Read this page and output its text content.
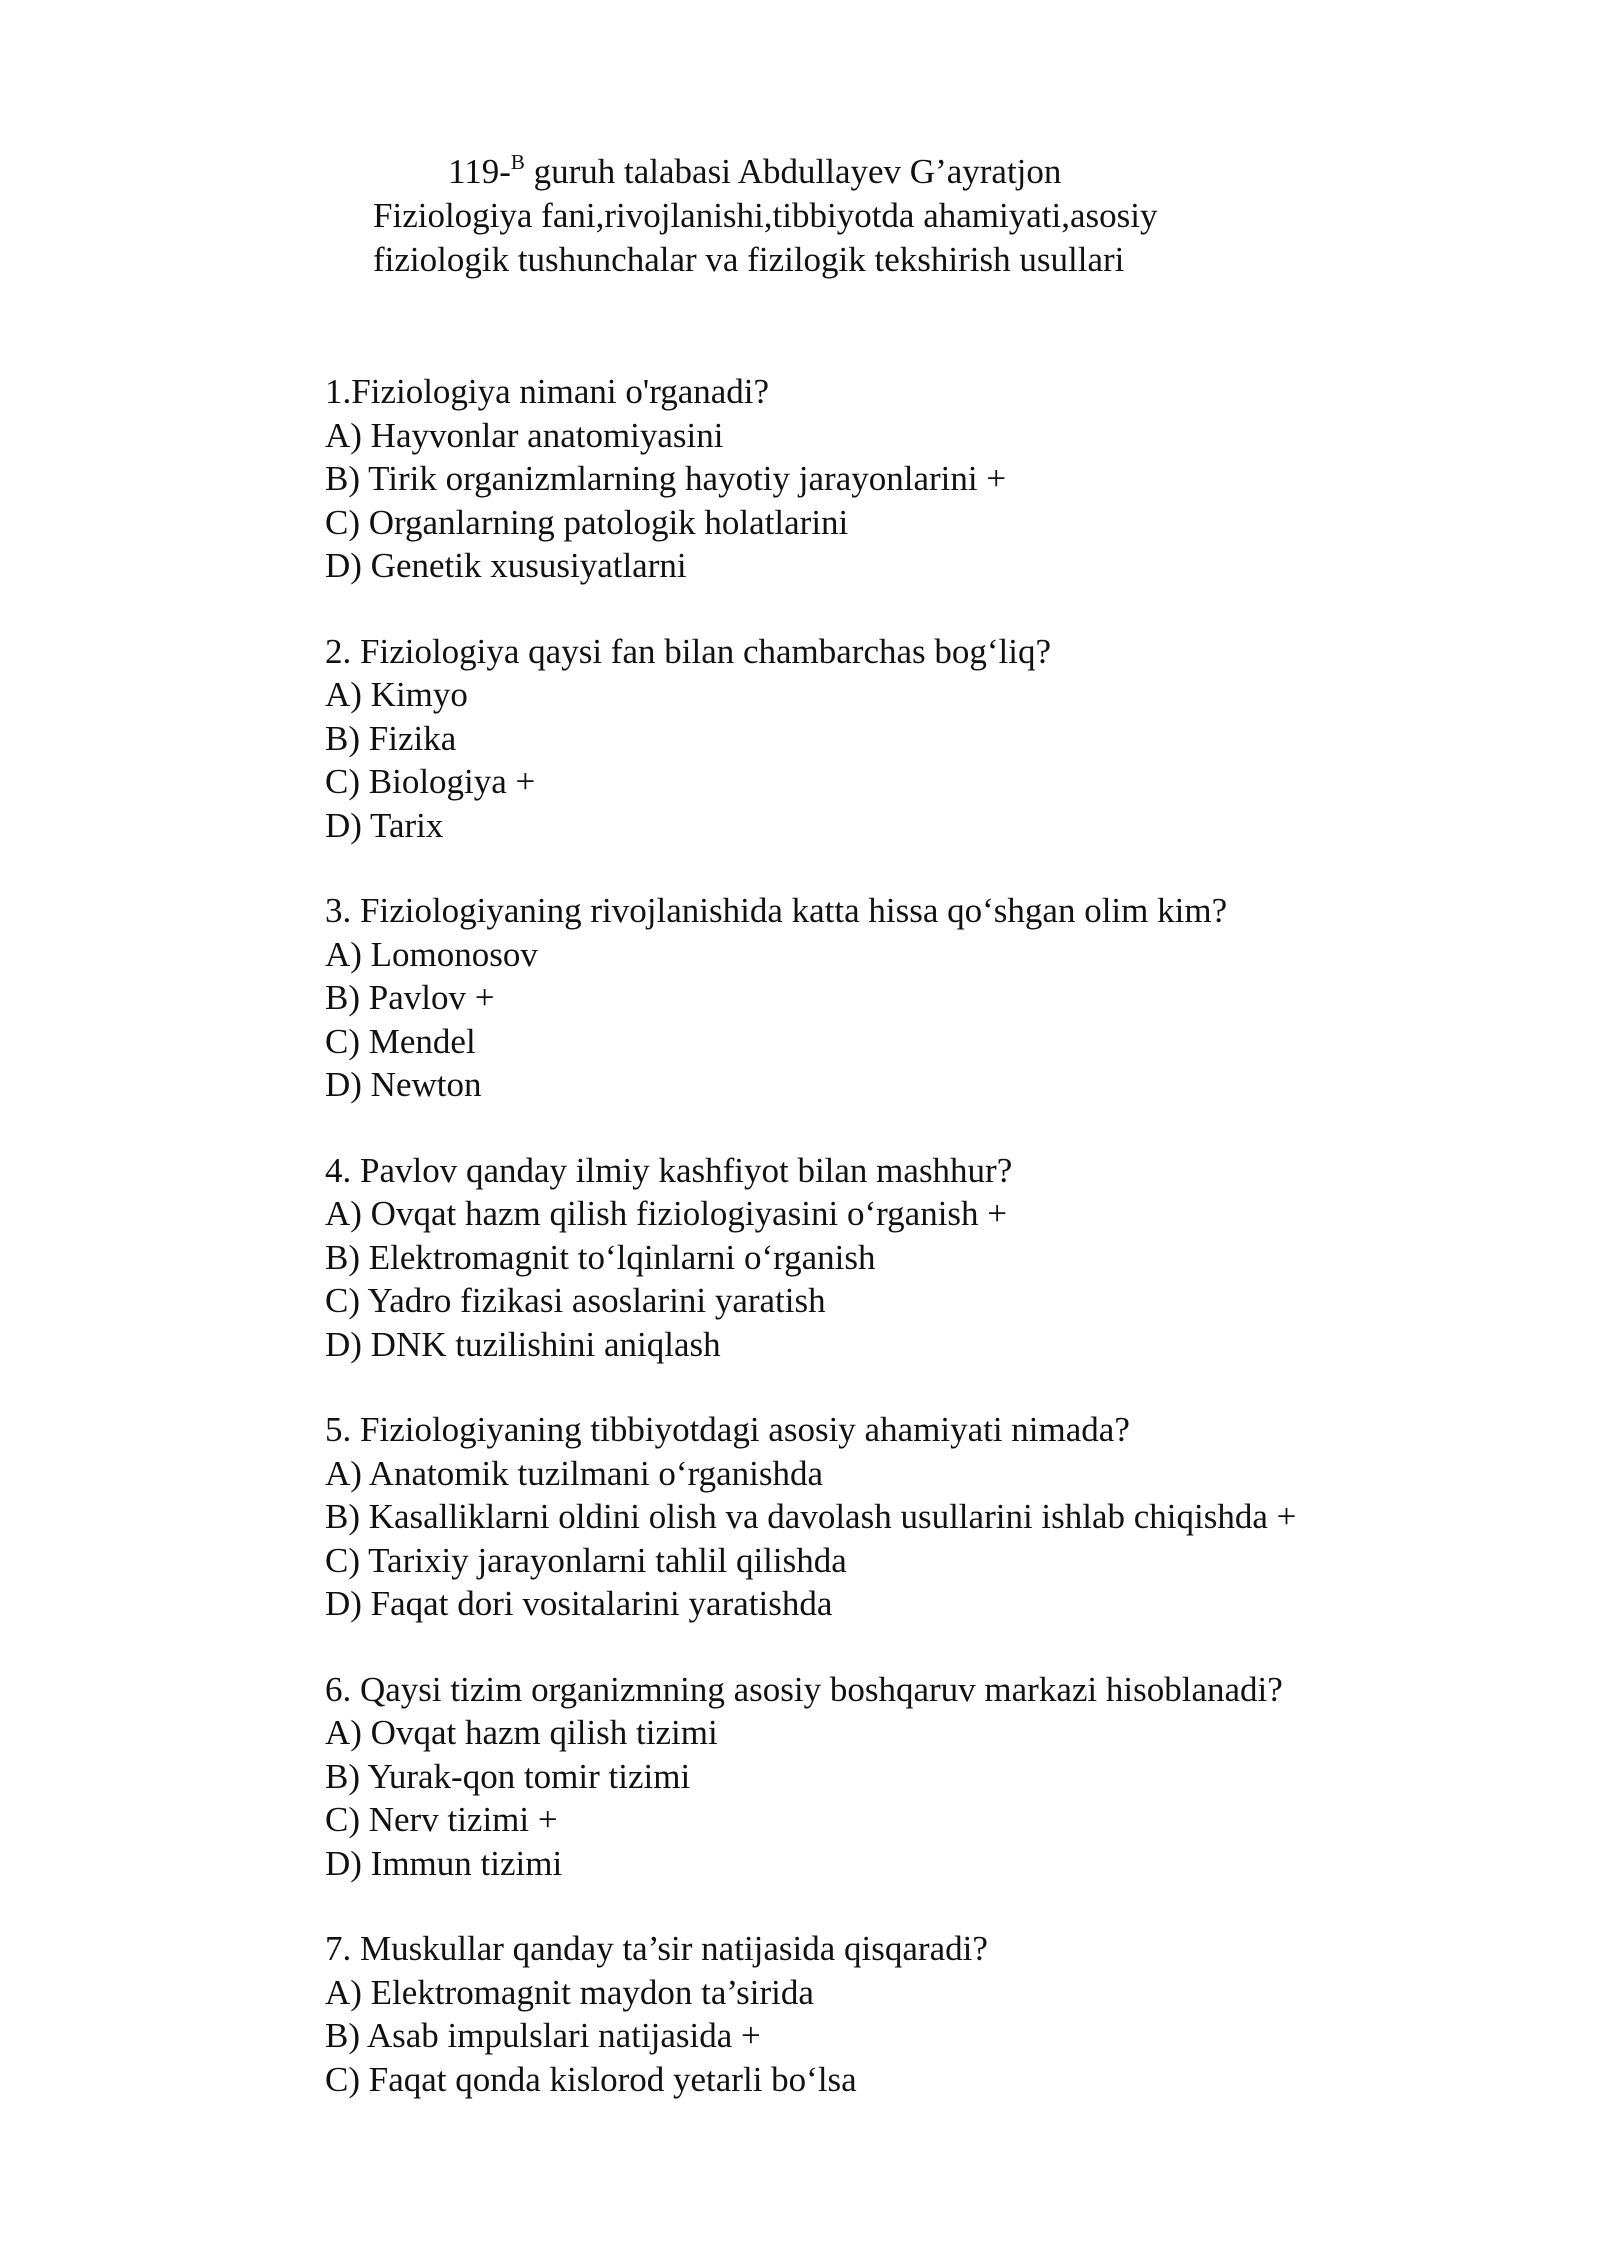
119-$^B$ guruh talabasi Abdullayev G’ayratjon
Fiziologiya fani,rivojlanishi,tibbiyotda ahamiyati,asosiy
fiziologik tushunchalar va fizilogik tekshirish usullari
1.Fiziologiya nimani o'rganadi?
A) Hayvonlar anatomiyasini
B) Tirik organizmlarning hayotiy jarayonlarini +
C) Organlarning patologik holatlarini
D) Genetik xususiyatlarni
2. Fiziologiya qaysi fan bilan chambarchas bog‘liq?
A) Kimyo
B) Fizika
C) Biologiya +
D) Tarix
3. Fiziologiyaning rivojlanishida katta hissa qo‘shgan olim kim?
A) Lomonosov
B) Pavlov +
C) Mendel
D) Newton
4. Pavlov qanday ilmiy kashfiyot bilan mashhur?
A) Ovqat hazm qilish fiziologiyasini o‘rganish +
B) Elektromagnit to‘lqinlarni o‘rganish
C) Yadro fizikasi asoslarini yaratish
D) DNK tuzilishini aniqlash
5. Fiziologiyaning tibbiyotdagi asosiy ahamiyati nimada?
A) Anatomik tuzilmani o‘rganishda
B) Kasalliklarni oldini olish va davolash usullarini ishlab chiqishda +
C) Tarixiy jarayonlarni tahlil qilishda
D) Faqat dori vositalarini yaratishda
6. Qaysi tizim organizmning asosiy boshqaruv markazi hisoblanadi?
A) Ovqat hazm qilish tizimi
B) Yurak-qon tomir tizimi
C) Nerv tizimi +
D) Immun tizimi
7. Muskullar qanday ta’sir natijasida qisqaradi?
A) Elektromagnit maydon ta’sirida
B) Asab impulslari natijasida +
C) Faqat qonda kislorod yetarli bo‘lsa
